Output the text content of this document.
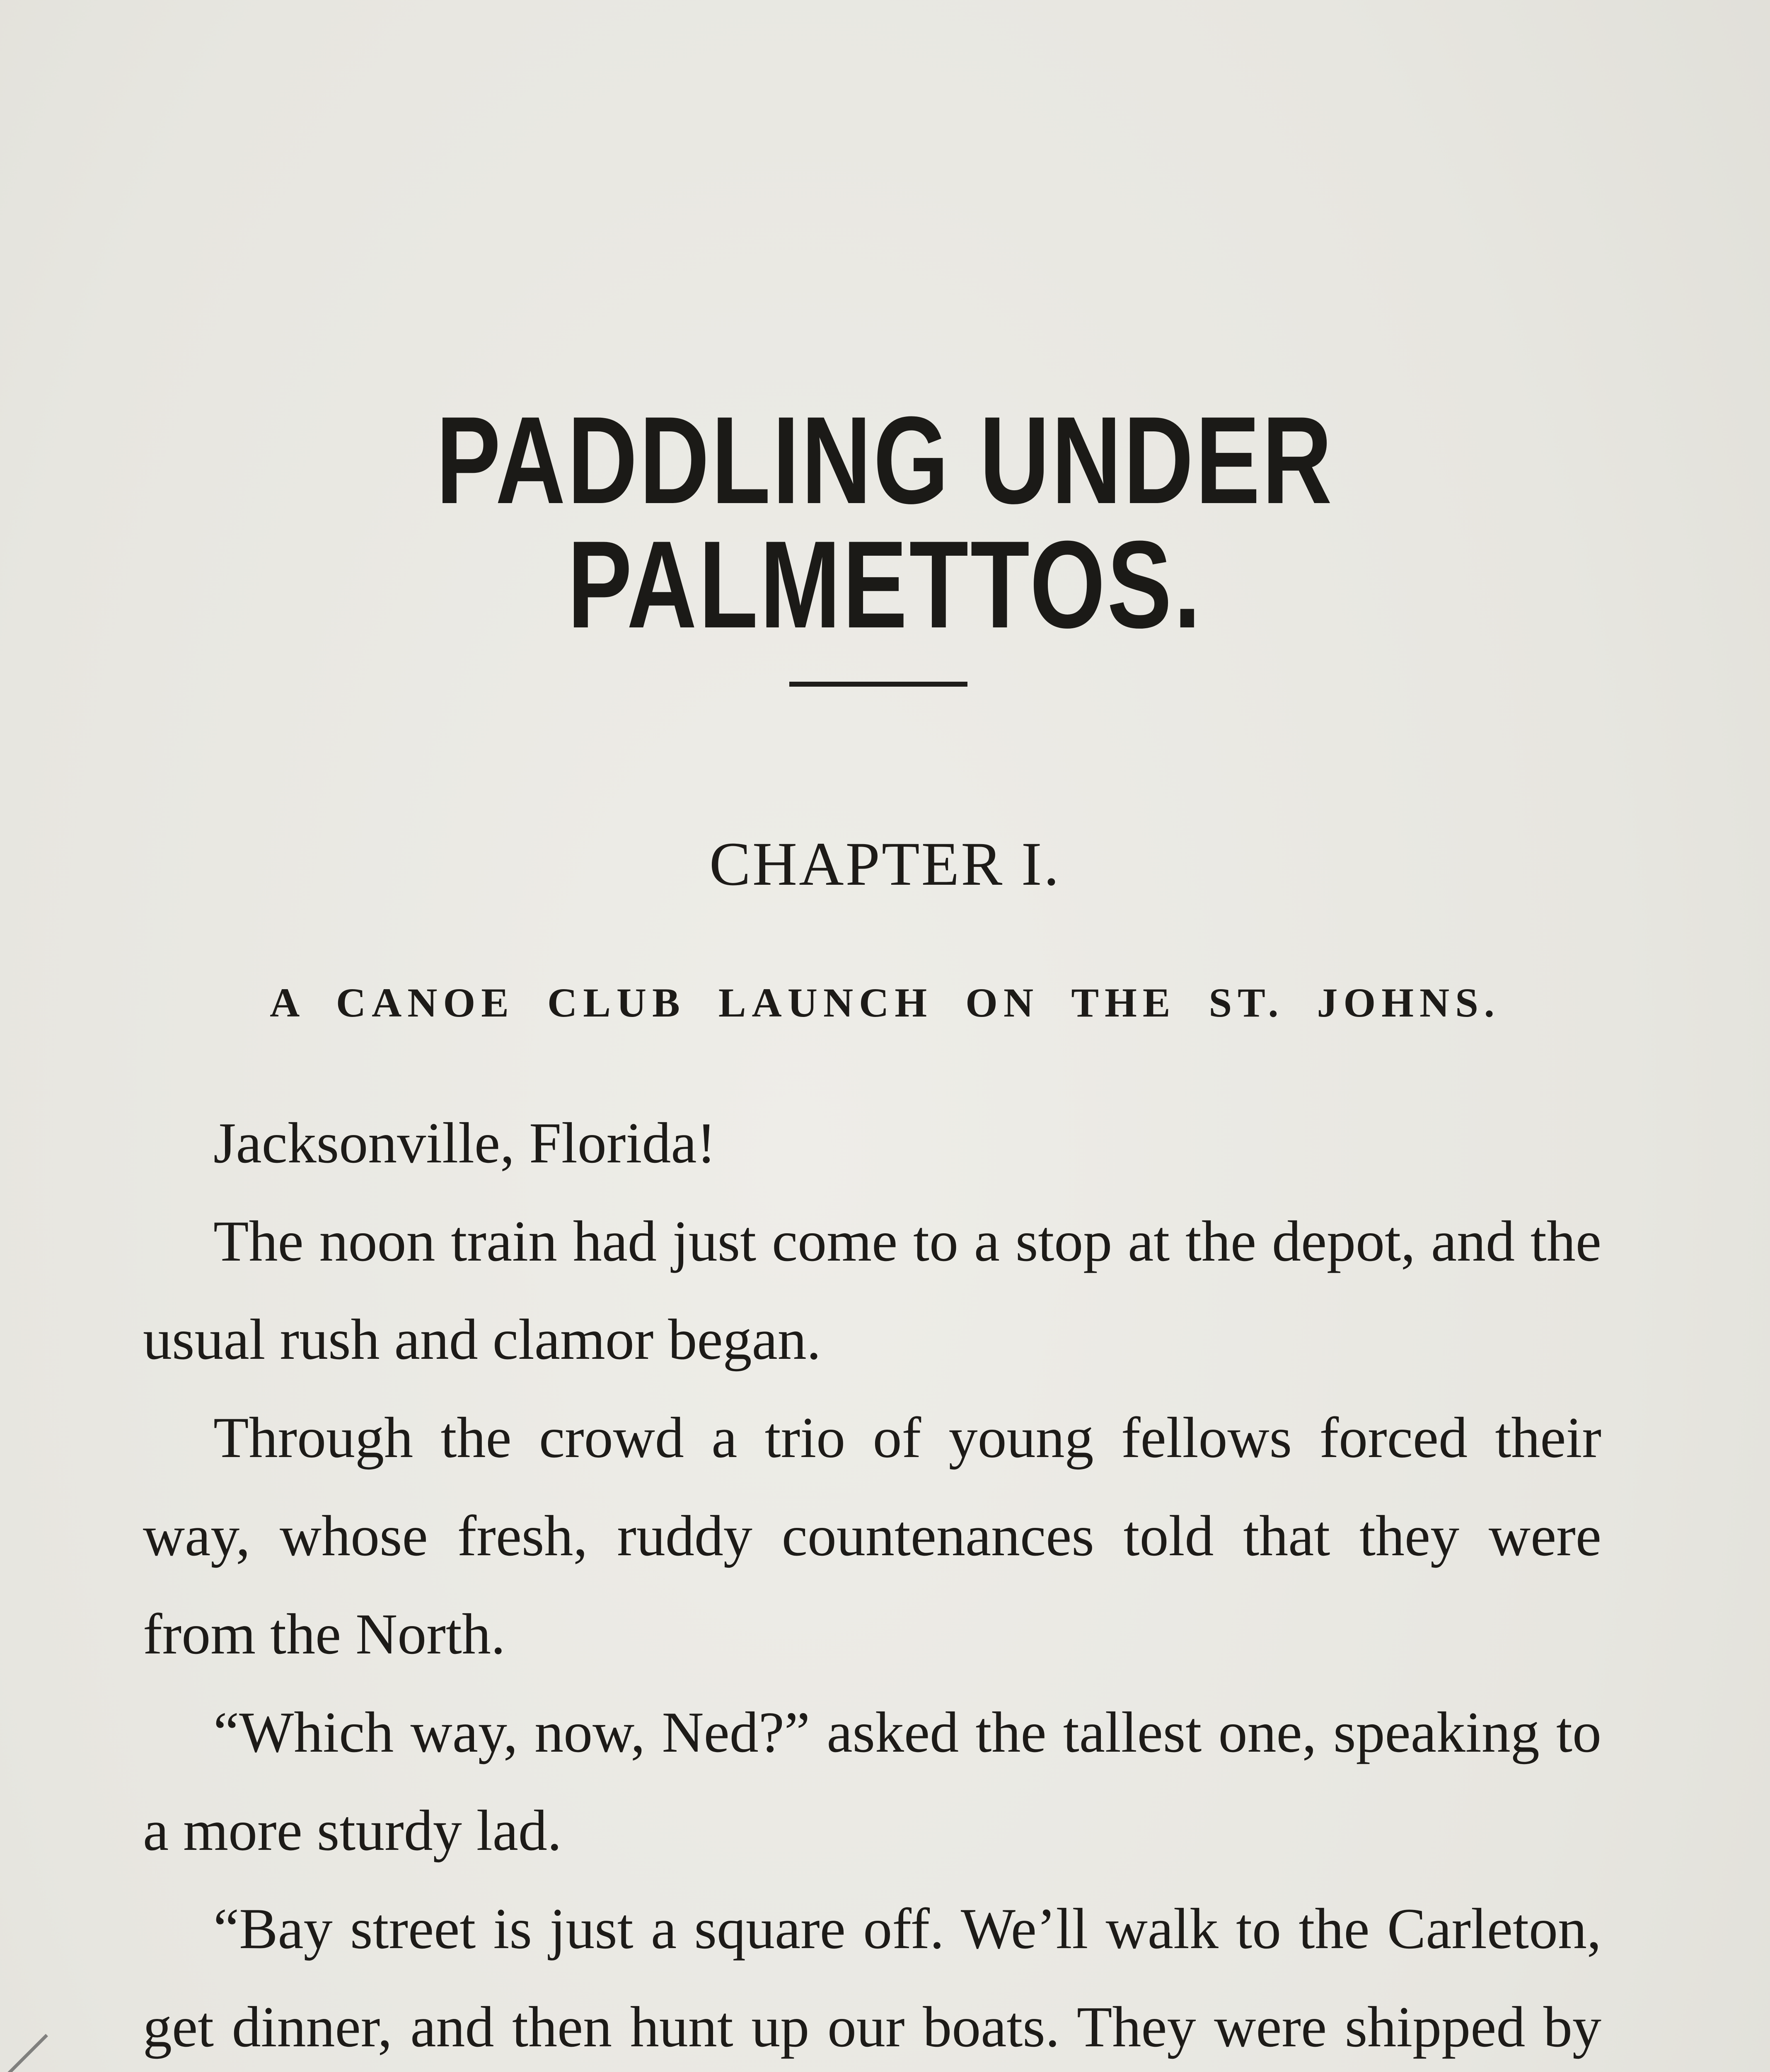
PADDLING UNDER PALMETTOS.
CHAPTER I.
A CANOE CLUB LAUNCH ON THE ST. JOHNS.

Jacksonville, Florida!

The noon train had just come to a stop at the depot, and the usual rush and clamor began.

Through the crowd a trio of young fellows forced their way, whose fresh, ruddy countenances told that they were from the North.

“Which way, now, Ned?” asked the tallest one, speaking to a more sturdy lad.

“Bay street is just a square off. We’ll walk to the Carleton, get dinner, and then hunt up our boats. They were shipped by
